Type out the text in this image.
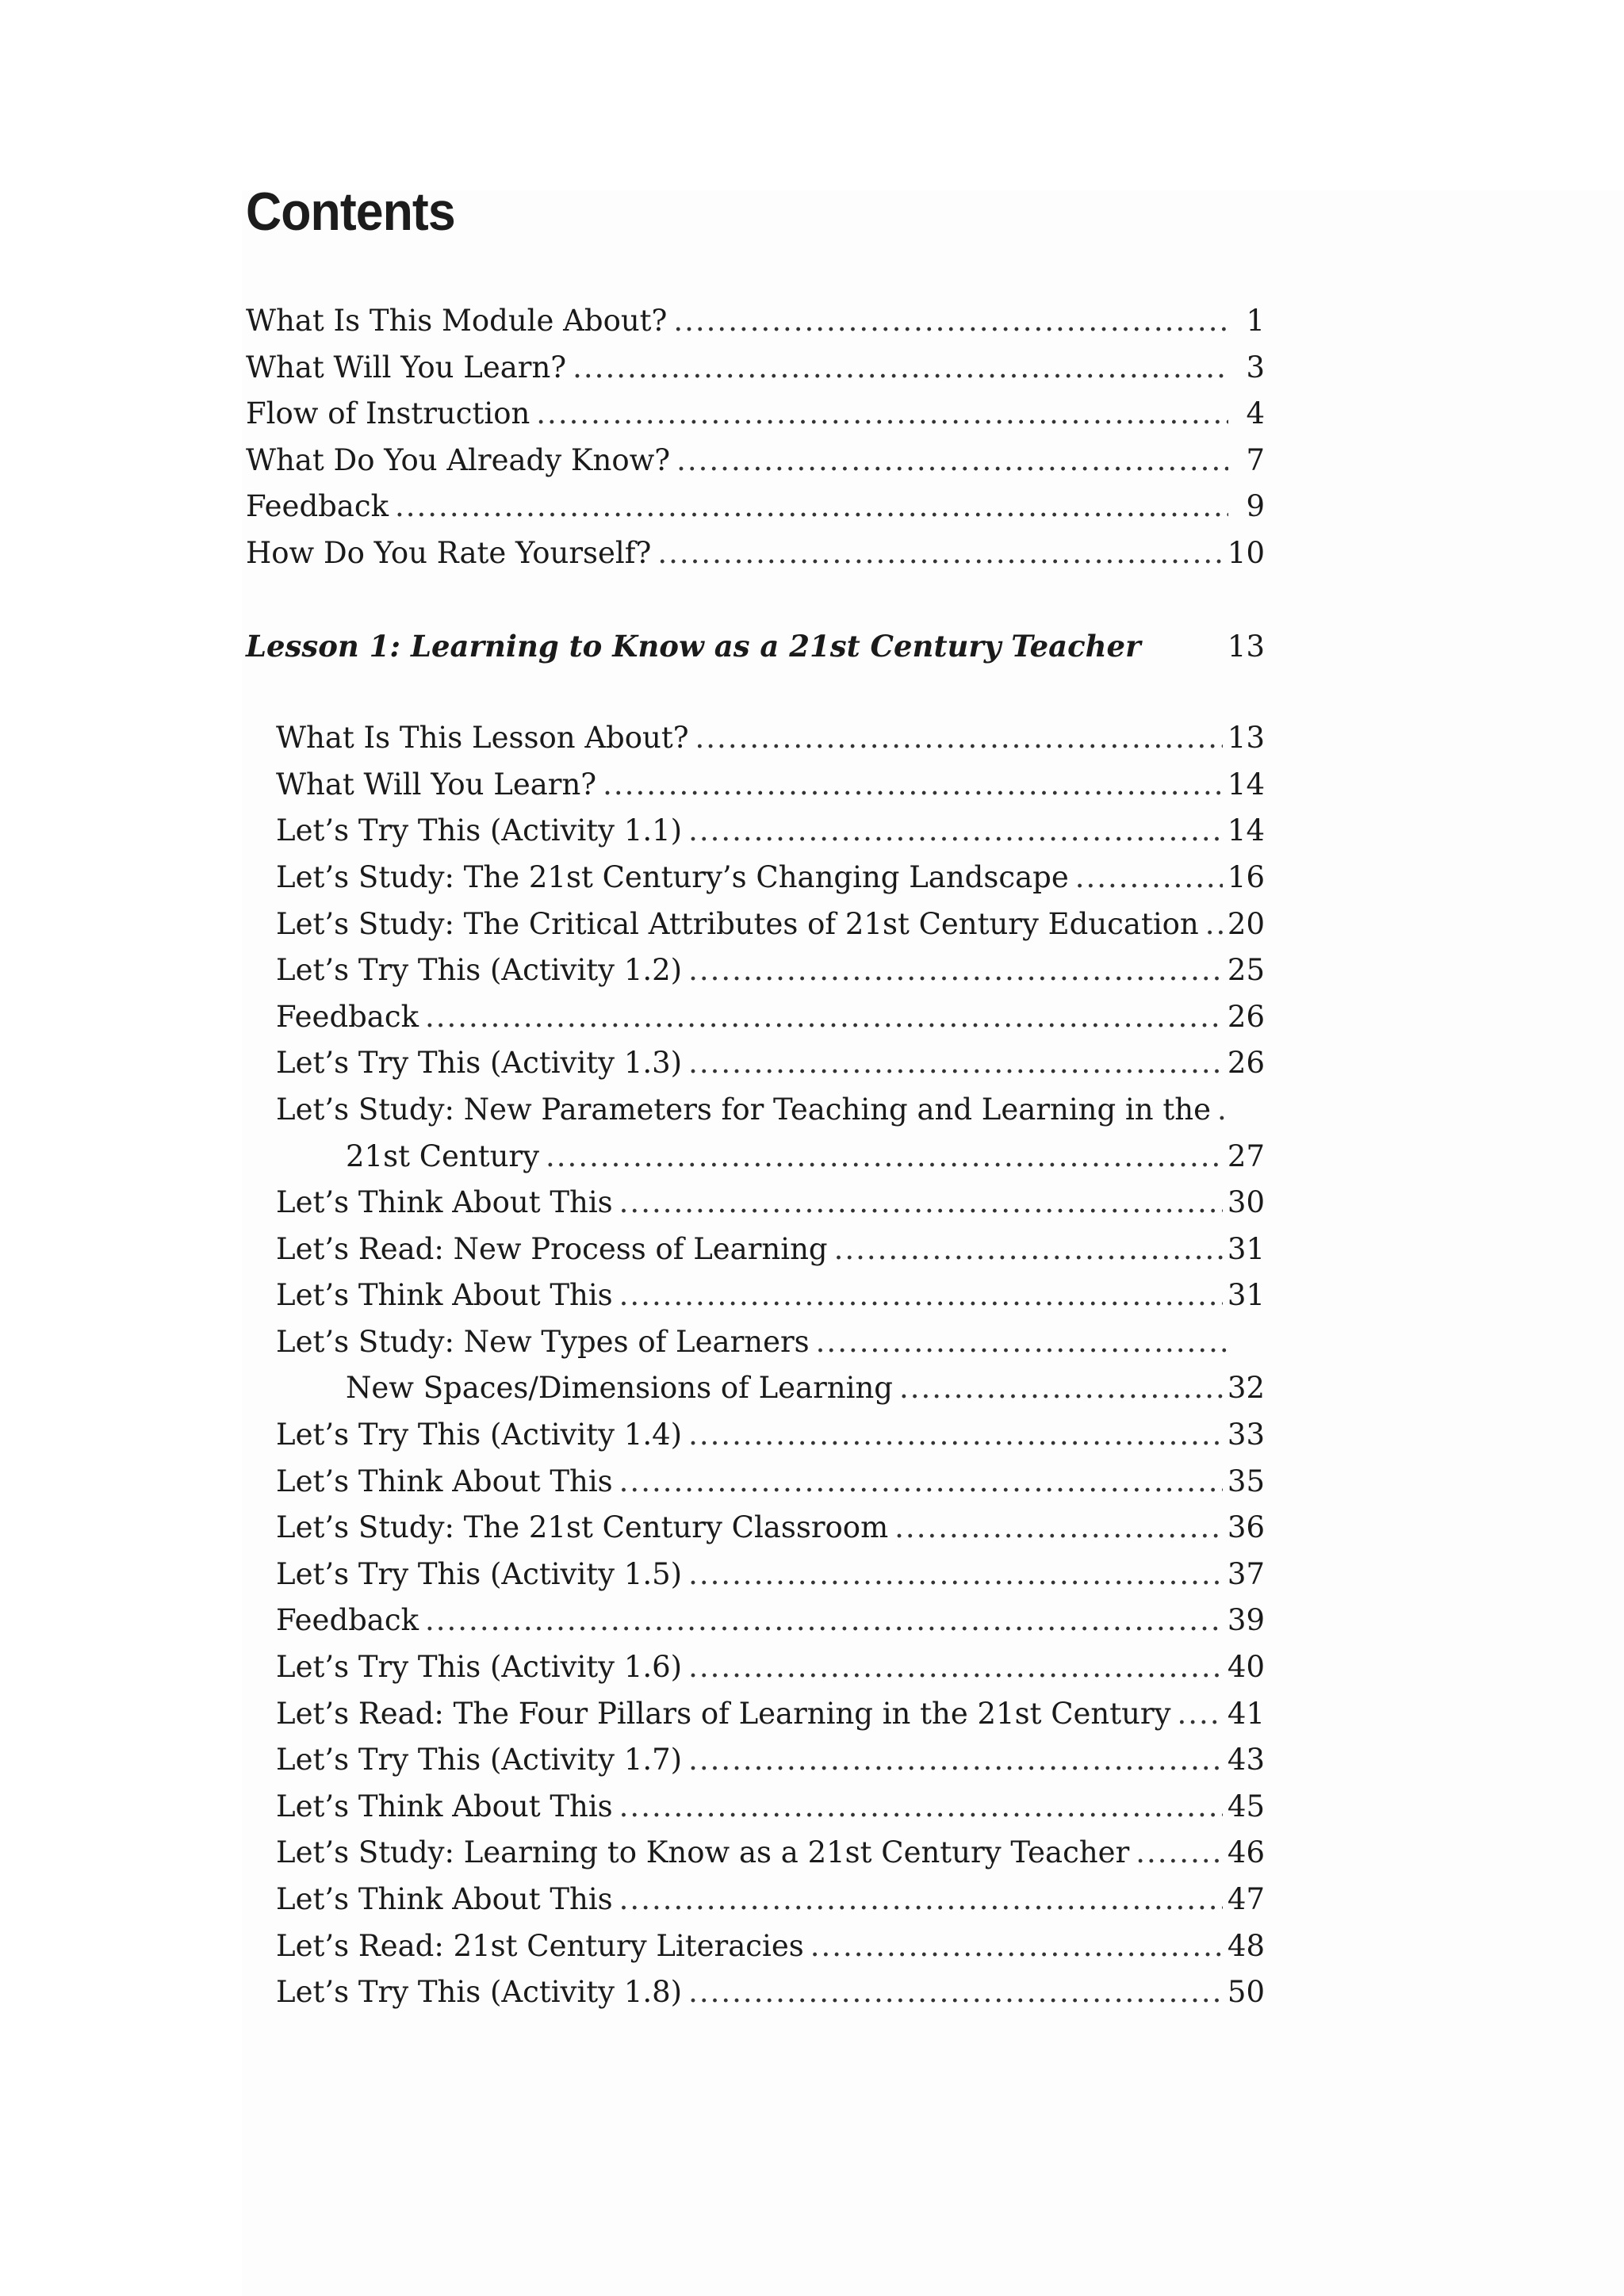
Contents
What Is This Module About? .....	1
What Will You Learn? .....	3
Flow of Instruction .....	4
What Do You Already Know? .....	7
Feedback .....	9
How Do You Rate Yourself? .....	10
Lesson 1: Learning to Know as a 21st Century Teacher	13
What Is This Lesson About? .....	13
What Will You Learn? .....	14
Let’s Try This (Activity 1.1) .....	14
Let’s Study: The 21st Century’s Changing Landscape .....	16
Let’s Study: The Critical Attributes of 21st Century Education ..... 20
Let’s Try This (Activity 1.2) .....	25
Feedback .....	26
Let’s Try This (Activity 1.3) .....	26
Let’s Study: New Parameters for Teaching and Learning in the
.....
21st Century .....	27
Let’s Think About This .....	30
Let’s Read: New Process of Learning .....	31
Let’s Think About This .....	31
Let’s Study: New Types of Learners
.....
New Spaces/Dimensions of Learning .....	32
Let’s Try This (Activity 1.4) .....	33
Let’s Think About This .....	35
Let’s Study: The 21st Century Classroom .....	36
Let’s Try This (Activity 1.5) .....	37
Feedback .....	39
Let’s Try This (Activity 1.6) .....	40
Let’s Read: The Four Pillars of Learning in the 21st Century ..... 41
Let’s Try This (Activity 1.7) .....	43
Let’s Think About This .....	45
Let’s Study: Learning to Know as a 21st Century Teacher .....	46
Let’s Think About This .....	47
Let’s Read: 21st Century Literacies .....	48
Let’s Try This (Activity 1.8) .....	50
